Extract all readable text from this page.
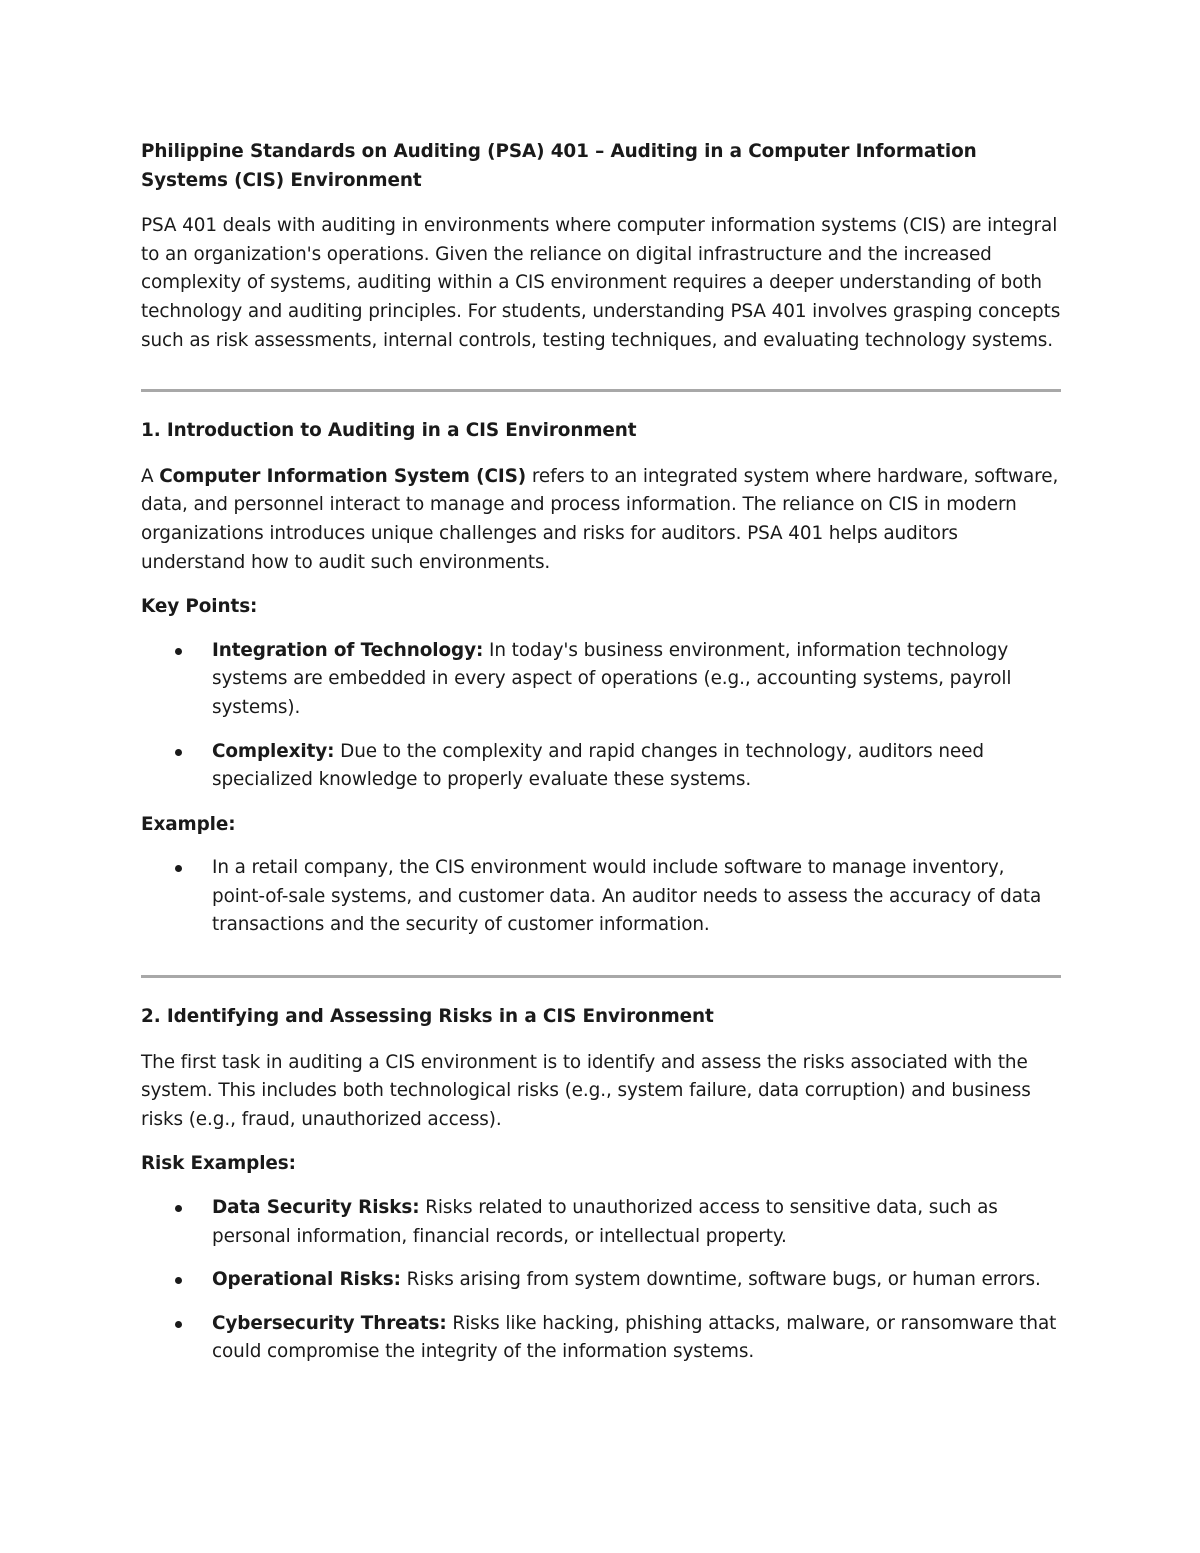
Philippine Standards on Auditing (PSA) 401 – Auditing in a Computer Information Systems (CIS) Environment

PSA 401 deals with auditing in environments where computer information systems (CIS) are integral to an organization's operations. Given the reliance on digital infrastructure and the increased complexity of systems, auditing within a CIS environment requires a deeper understanding of both technology and auditing principles. For students, understanding PSA 401 involves grasping concepts such as risk assessments, internal controls, testing techniques, and evaluating technology systems.

1. Introduction to Auditing in a CIS Environment

A Computer Information System (CIS) refers to an integrated system where hardware, software, data, and personnel interact to manage and process information. The reliance on CIS in modern organizations introduces unique challenges and risks for auditors. PSA 401 helps auditors understand how to audit such environments.

Key Points:

Integration of Technology: In today's business environment, information technology systems are embedded in every aspect of operations (e.g., accounting systems, payroll systems).
Complexity: Due to the complexity and rapid changes in technology, auditors need specialized knowledge to properly evaluate these systems.

Example:

In a retail company, the CIS environment would include software to manage inventory, point-of-sale systems, and customer data. An auditor needs to assess the accuracy of data transactions and the security of customer information.

2. Identifying and Assessing Risks in a CIS Environment

The first task in auditing a CIS environment is to identify and assess the risks associated with the system. This includes both technological risks (e.g., system failure, data corruption) and business risks (e.g., fraud, unauthorized access).

Risk Examples:

Data Security Risks: Risks related to unauthorized access to sensitive data, such as personal information, financial records, or intellectual property.
Operational Risks: Risks arising from system downtime, software bugs, or human errors.
Cybersecurity Threats: Risks like hacking, phishing attacks, malware, or ransomware that could compromise the integrity of the information systems.
